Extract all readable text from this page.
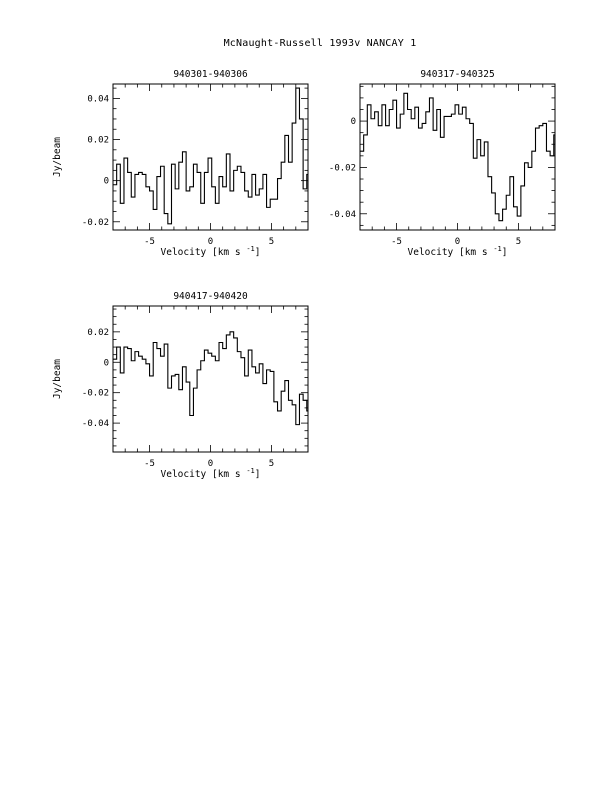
McNaught-Russell 1993v NANCAY 1
-5	0	5
-0.02
0
0.02
0.04
940301-940306
Velocity [km s $^{-1}$]
Jy/beam
-5	0	5
-0.04
-0.02
0
940317-940325
Velocity [km s $^{-1}$]
-5	0	5
-0.04
-0.02
0
0.02
940417-940420
Velocity [km s $^{-1}$]
Jy/beam
